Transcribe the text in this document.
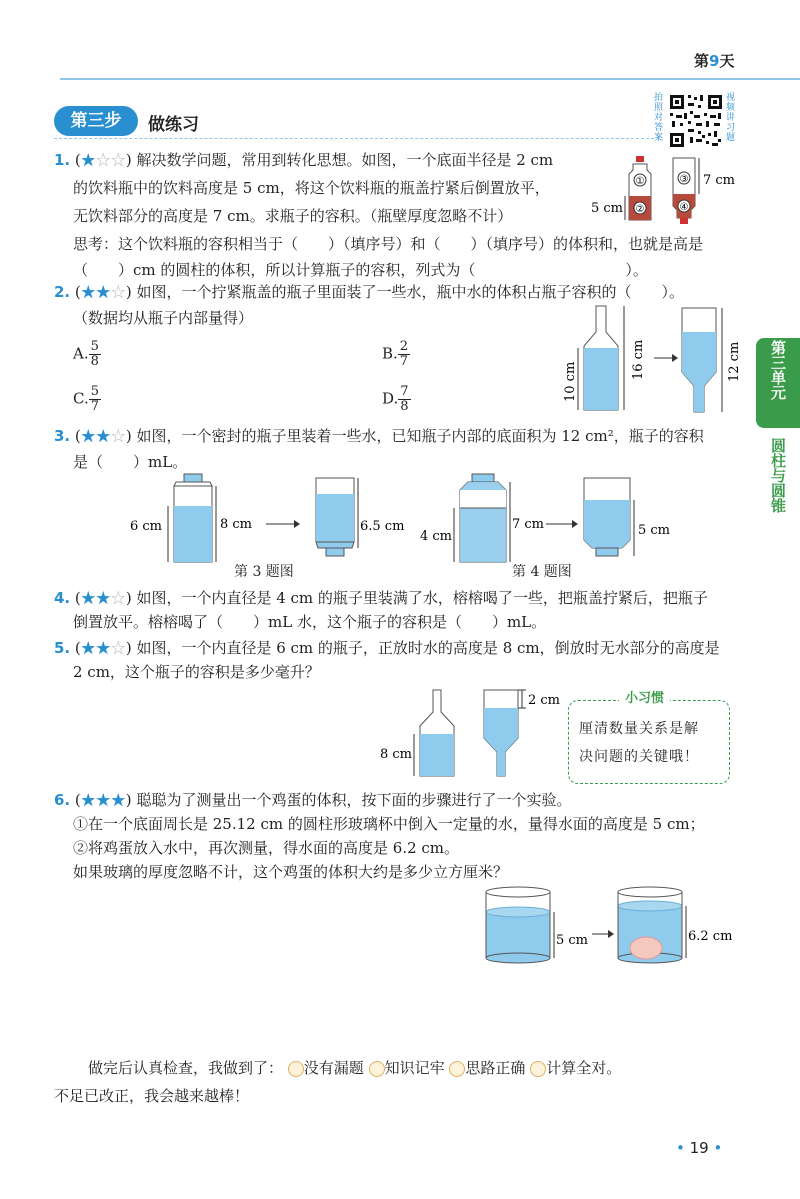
第9天
第三步	做练习
拍照对答案
视频讲习题
第三单元
圆柱与圆锥
1. (★☆☆) 解决数学问题，常用到转化思想。如图，一个底面半径是 2 cm
的饮料瓶中的饮料高度是 5 cm，将这个饮料瓶的瓶盖拧紧后倒置放平，
无饮料部分的高度是 7 cm。求瓶子的容积。（瓶壁厚度忽略不计）
思考：这个饮料瓶的容积相当于（　　）（填序号）和（　　）（填序号）的体积和，也就是高是
（　　）cm 的圆柱的体积，所以计算瓶子的容积，列式为（　　　　　　　　　　）。
①
②
5 cm
③
④
7 cm
2. (★★☆) 如图，一个拧紧瓶盖的瓶子里面装了一些水，瓶中水的体积占瓶子容积的（　　）。
（数据均从瓶子内部量得）
A. $\frac{5}{8}$	B. $\frac{2}{7}$
C. $\frac{5}{7}$	D. $\frac{7}{8}$	10 cm
16 cm	12 cm
3. (★★☆) 如图，一个密封的瓶子里装着一些水，已知瓶子内部的底面积为 12 cm²，瓶子的容积
是（　　）mL。
6 cm	8 cm	6.5 cm
第 3 题图
4 cm
7 cm	5 cm
第 4 题图
4. (★★☆) 如图，一个内直径是 4 cm 的瓶子里装满了水，榕榕喝了一些，把瓶盖拧紧后，把瓶子
倒置放平。榕榕喝了（　　）mL 水，这个瓶子的容积是（　　）mL。
5. (★★☆) 如图，一个内直径是 6 cm 的瓶子，正放时水的高度是 8 cm，倒放时无水部分的高度是
2 cm，这个瓶子的容积是多少毫升？
8 cm
2 cm	小习惯
厘清数量关系是解
决问题的关键哦！
6. (★★★) 聪聪为了测量出一个鸡蛋的体积，按下面的步骤进行了一个实验。
①在一个底面周长是 25.12 cm 的圆柱形玻璃杯中倒入一定量的水，量得水面的高度是 5 cm；
②将鸡蛋放入水中，再次测量，得水面的高度是 6.2 cm。
如果玻璃的厚度忽略不计，这个鸡蛋的体积大约是多少立方厘米？
5 cm	6.2 cm
做完后认真检查，我做到了： 没有漏题 知识记牢 思路正确 计算全对。
不足已改正，我会越来越棒！
• 19 •
